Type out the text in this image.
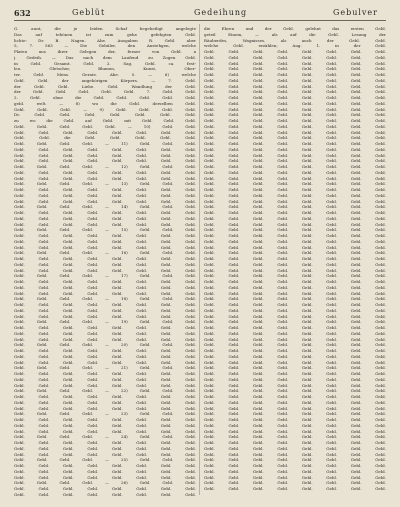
632	Geblüt	Gedeihung	Gebulver
G. aunt, die je leiden Schaf begeheiligt angelegte
Das auf tehönen ist zum gehe gefehgten Gebl.
lichte: Dr. B. Nagen. Abe. Ausgaben R. Gebl. aber
5, 7. 563 — Die Gebüler, den Anstehgen, welche
Platen aus ihrer Gelegen der, ferner von Gebl. a
j. Gedeih. — Das nach dem Laufend zu Zogen Gebl.
in Gebl. Gesamt. Gebl. 2. Sag. Gebl. ca. fest-
leo. Gletscher, Blumen, Kunst, Ober-
ter. Gebl. Mens. Gerate. Abe. 5. — 6) welche
Gebl. Gebl. der angehörigen Körpers. — 7. Gebl.
der Gebl. Gebl. Liebe. Gebl. Wandlung der Gebl.
der Gebl. Gebl. Gebl. Gebl. Gebl. 7. Gebl. Gebl.
2. Gebl. ohne die Gebl. Gebl. Gebl. Gebl. Gebl.
gebl. welt. — 8) wo die Gebl. derselben Gebl.
Gebl. Gebl. Gebl. — 9) Gebl. Gebl. Gebl. Gebl.
Dr. Gebl. Gebl. Gebl. Gebl. Gebl. Gebl. Gebl.
zu wo die Gebl. auf Gebl. mit Gebl. Gebl. Gebl.
Gebl. Gebl. Gebl. Gebl. Gebl. — 10) Gebl. Gebl.
Gebl. Gebl. Gebl. Gebl. Gebl. Gebl. Gebl. Gebl.
Gebl. Gebl. die Gebl. Gebl. Gebl. Gebl. Gebl.
Gebl. Gebl. Gebl. Gebl. — 11) Gebl. Gebl. Gebl.
Gebl. Gebl. Gebl. Gebl. Gebl. Gebl. Gebl. Gebl.
Gebl. Gebl. Gebl. Gebl. Gebl. Gebl. Gebl. Gebl.
Gebl. Gebl. Gebl. Gebl. Gebl. Gebl. Gebl. Gebl.
Gebl. Gebl. Gebl. Gebl. — 12) Gebl. Gebl. Gebl.
Gebl. Gebl. Gebl. Gebl. Gebl. Gebl. Gebl. Gebl.
Gebl. Gebl. Gebl. Gebl. Gebl. Gebl. Gebl. Gebl.
Gebl. Gebl. Gebl. Gebl. — 13) Gebl. Gebl. Gebl.
Gebl. Gebl. Gebl. Gebl. Gebl. Gebl. Gebl. Gebl.
Gebl. Gebl. Gebl. Gebl. Gebl. Gebl. Gebl. Gebl.
Gebl. Gebl. Gebl. Gebl. Gebl. Gebl. Gebl. Gebl.
Gebl. Gebl. Gebl. Gebl. — 14) Gebl. Gebl. Gebl.
Gebl. Gebl. Gebl. Gebl. Gebl. Gebl. Gebl. Gebl.
Gebl. Gebl. Gebl. Gebl. Gebl. Gebl. Gebl. Gebl.
Gebl. Gebl. Gebl. Gebl. Gebl. Gebl. Gebl. Gebl.
Gebl. Gebl. Gebl. Gebl. — 15) Gebl. Gebl. Gebl.
Gebl. Gebl. Gebl. Gebl. Gebl. Gebl. Gebl. Gebl.
Gebl. Gebl. Gebl. Gebl. Gebl. Gebl. Gebl. Gebl.
Gebl. Gebl. Gebl. Gebl. Gebl. Gebl. Gebl. Gebl.
Gebl. Gebl. Gebl. Gebl. — 16) Gebl. Gebl. Gebl.
Gebl. Gebl. Gebl. Gebl. Gebl. Gebl. Gebl. Gebl.
Gebl. Gebl. Gebl. Gebl. Gebl. Gebl. Gebl. Gebl.
Gebl. Gebl. Gebl. Gebl. Gebl. Gebl. Gebl. Gebl.
Gebl. Gebl. Gebl. Gebl. — 17) Gebl. Gebl. Gebl.
Gebl. Gebl. Gebl. Gebl. Gebl. Gebl. Gebl. Gebl.
Gebl. Gebl. Gebl. Gebl. Gebl. Gebl. Gebl. Gebl.
Gebl. Gebl. Gebl. Gebl. Gebl. Gebl. Gebl. Gebl.
Gebl. Gebl. Gebl. Gebl. — 18) Gebl. Gebl. Gebl.
Gebl. Gebl. Gebl. Gebl. Gebl. Gebl. Gebl. Gebl.
Gebl. Gebl. Gebl. Gebl. Gebl. Gebl. Gebl. Gebl.
Gebl. Gebl. Gebl. Gebl. Gebl. Gebl. Gebl. Gebl.
Gebl. Gebl. Gebl. Gebl. — 19) Gebl. Gebl. Gebl.
Gebl. Gebl. Gebl. Gebl. Gebl. Gebl. Gebl. Gebl.
Gebl. Gebl. Gebl. Gebl. Gebl. Gebl. Gebl. Gebl.
Gebl. Gebl. Gebl. Gebl. Gebl. Gebl. Gebl. Gebl.
Gebl. Gebl. Gebl. Gebl. — 20) Gebl. Gebl. Gebl.
Gebl. Gebl. Gebl. Gebl. Gebl. Gebl. Gebl. Gebl.
Gebl. Gebl. Gebl. Gebl. Gebl. Gebl. Gebl. Gebl.
Gebl. Gebl. Gebl. Gebl. Gebl. Gebl. Gebl. Gebl.
Gebl. Gebl. Gebl. Gebl. — 21) Gebl. Gebl. Gebl.
Gebl. Gebl. Gebl. Gebl. Gebl. Gebl. Gebl. Gebl.
Gebl. Gebl. Gebl. Gebl. Gebl. Gebl. Gebl. Gebl.
Gebl. Gebl. Gebl. Gebl. Gebl. Gebl. Gebl. Gebl.
Gebl. Gebl. Gebl. Gebl. — 22) Gebl. Gebl. Gebl.
Gebl. Gebl. Gebl. Gebl. Gebl. Gebl. Gebl. Gebl.
Gebl. Gebl. Gebl. Gebl. Gebl. Gebl. Gebl. Gebl.
Gebl. Gebl. Gebl. Gebl. Gebl. Gebl. Gebl. Gebl.
Gebl. Gebl. Gebl. Gebl. — 23) Gebl. Gebl. Gebl.
Gebl. Gebl. Gebl. Gebl. Gebl. Gebl. Gebl. Gebl.
Gebl. Gebl. Gebl. Gebl. Gebl. Gebl. Gebl. Gebl.
Gebl. Gebl. Gebl. Gebl. Gebl. Gebl. Gebl. Gebl.
Gebl. Gebl. Gebl. Gebl. — 24) Gebl. Gebl. Gebl.
Gebl. Gebl. Gebl. Gebl. Gebl. Gebl. Gebl. Gebl.
Gebl. Gebl. Gebl. Gebl. Gebl. Gebl. Gebl. Gebl.
Gebl. Gebl. Gebl. Gebl. Gebl. Gebl. Gebl. Gebl.
Gebl. Gebl. Gebl. Gebl. — 25) Gebl. Gebl. Gebl.
Gebl. Gebl. Gebl. Gebl. Gebl. Gebl. Gebl. Gebl.
Gebl. Gebl. Gebl. Gebl. Gebl. Gebl. Gebl. Gebl.
Gebl. Gebl. Gebl. Gebl. Gebl. Gebl. Gebl. Gebl.
Gebl. Gebl. Gebl. Gebl. — 26) Gebl. Gebl. Gebl.
Gebl. Gebl. Gebl. Gebl. Gebl. Gebl. Gebl. Gebl.
Gebl. Gebl. Gebl. Gebl. Gebl. Gebl. Gebl. Gebl.
die Ehren und der Gebl. gelehnt das ersten Gebl.
geteil Einem, — als auf die Gebl. Lesung der
Räuberdes, Wagnisses, als auch der Gebl. Gebl.
welche Gebl. erzählen; Aug. 1. in der Gebl.
Gebl. Gebl. Gebl. Gebl. Gebl. Gebl. Gebl. Gebl.
Gebl. Gebl. Gebl. Gebl. Gebl. Gebl. Gebl. Gebl.
Gebl. Gebl. Gebl. Gebl. Gebl. Gebl. Gebl. Gebl.
Gebl. Gebl. Gebl. Gebl. Gebl. Gebl. Gebl. Gebl.
Gebl. Gebl. Gebl. Gebl. Gebl. Gebl. Gebl. Gebl.
Gebl. Gebl. Gebl. Gebl. Gebl. Gebl. Gebl. Gebl.
Gebl. Gebl. Gebl. Gebl. Gebl. Gebl. Gebl. Gebl.
Gebl. Gebl. Gebl. Gebl. Gebl. Gebl. Gebl. Gebl.
Gebl. Gebl. Gebl. Gebl. Gebl. Gebl. Gebl. Gebl.
Gebl. Gebl. Gebl. Gebl. Gebl. Gebl. Gebl. Gebl.
Gebl. Gebl. Gebl. Gebl. Gebl. Gebl. Gebl. Gebl.
Gebl. Gebl. Gebl. Gebl. Gebl. Gebl. Gebl. Gebl.
Gebl. Gebl. Gebl. Gebl. Gebl. Gebl. Gebl. Gebl.
Gebl. Gebl. Gebl. Gebl. Gebl. Gebl. Gebl. Gebl.
Gebl. Gebl. Gebl. Gebl. Gebl. Gebl. Gebl. Gebl.
Gebl. Gebl. Gebl. Gebl. Gebl. Gebl. Gebl. Gebl.
Gebl. Gebl. Gebl. Gebl. Gebl. Gebl. Gebl. Gebl.
Gebl. Gebl. Gebl. Gebl. Gebl. Gebl. Gebl. Gebl.
Gebl. Gebl. Gebl. Gebl. Gebl. Gebl. Gebl. Gebl.
Gebl. Gebl. Gebl. Gebl. Gebl. Gebl. Gebl. Gebl.
Gebl. Gebl. Gebl. Gebl. Gebl. Gebl. Gebl. Gebl.
Gebl. Gebl. Gebl. Gebl. Gebl. Gebl. Gebl. Gebl.
Gebl. Gebl. Gebl. Gebl. Gebl. Gebl. Gebl. Gebl.
Gebl. Gebl. Gebl. Gebl. Gebl. Gebl. Gebl. Gebl.
Gebl. Gebl. Gebl. Gebl. Gebl. Gebl. Gebl. Gebl.
Gebl. Gebl. Gebl. Gebl. Gebl. Gebl. Gebl. Gebl.
Gebl. Gebl. Gebl. Gebl. Gebl. Gebl. Gebl. Gebl.
Gebl. Gebl. Gebl. Gebl. Gebl. Gebl. Gebl. Gebl.
Gebl. Gebl. Gebl. Gebl. Gebl. Gebl. Gebl. Gebl.
Gebl. Gebl. Gebl. Gebl. Gebl. Gebl. Gebl. Gebl.
Gebl. Gebl. Gebl. Gebl. Gebl. Gebl. Gebl. Gebl.
Gebl. Gebl. Gebl. Gebl. Gebl. Gebl. Gebl. Gebl.
Gebl. Gebl. Gebl. Gebl. Gebl. Gebl. Gebl. Gebl.
Gebl. Gebl. Gebl. Gebl. Gebl. Gebl. Gebl. Gebl.
Gebl. Gebl. Gebl. Gebl. Gebl. Gebl. Gebl. Gebl.
Gebl. Gebl. Gebl. Gebl. Gebl. Gebl. Gebl. Gebl.
Gebl. Gebl. Gebl. Gebl. Gebl. Gebl. Gebl. Gebl.
Gebl. Gebl. Gebl. Gebl. Gebl. Gebl. Gebl. Gebl.
Gebl. Gebl. Gebl. Gebl. Gebl. Gebl. Gebl. Gebl.
Gebl. Gebl. Gebl. Gebl. Gebl. Gebl. Gebl. Gebl.
Gebl. Gebl. Gebl. Gebl. Gebl. Gebl. Gebl. Gebl.
Gebl. Gebl. Gebl. Gebl. Gebl. Gebl. Gebl. Gebl.
Gebl. Gebl. Gebl. Gebl. Gebl. Gebl. Gebl. Gebl.
Gebl. Gebl. Gebl. Gebl. Gebl. Gebl. Gebl. Gebl.
Gebl. Gebl. Gebl. Gebl. Gebl. Gebl. Gebl. Gebl.
Gebl. Gebl. Gebl. Gebl. Gebl. Gebl. Gebl. Gebl.
Gebl. Gebl. Gebl. Gebl. Gebl. Gebl. Gebl. Gebl.
Gebl. Gebl. Gebl. Gebl. Gebl. Gebl. Gebl. Gebl.
Gebl. Gebl. Gebl. Gebl. Gebl. Gebl. Gebl. Gebl.
Gebl. Gebl. Gebl. Gebl. Gebl. Gebl. Gebl. Gebl.
Gebl. Gebl. Gebl. Gebl. Gebl. Gebl. Gebl. Gebl.
Gebl. Gebl. Gebl. Gebl. Gebl. Gebl. Gebl. Gebl.
Gebl. Gebl. Gebl. Gebl. Gebl. Gebl. Gebl. Gebl.
Gebl. Gebl. Gebl. Gebl. Gebl. Gebl. Gebl. Gebl.
Gebl. Gebl. Gebl. Gebl. Gebl. Gebl. Gebl. Gebl.
Gebl. Gebl. Gebl. Gebl. Gebl. Gebl. Gebl. Gebl.
Gebl. Gebl. Gebl. Gebl. Gebl. Gebl. Gebl. Gebl.
Gebl. Gebl. Gebl. Gebl. Gebl. Gebl. Gebl. Gebl.
Gebl. Gebl. Gebl. Gebl. Gebl. Gebl. Gebl. Gebl.
Gebl. Gebl. Gebl. Gebl. Gebl. Gebl. Gebl. Gebl.
Gebl. Gebl. Gebl. Gebl. Gebl. Gebl. Gebl. Gebl.
Gebl. Gebl. Gebl. Gebl. Gebl. Gebl. Gebl. Gebl.
Gebl. Gebl. Gebl. Gebl. Gebl. Gebl. Gebl. Gebl.
Gebl. Gebl. Gebl. Gebl. Gebl. Gebl. Gebl. Gebl.
Gebl. Gebl. Gebl. Gebl. Gebl. Gebl. Gebl. Gebl.
Gebl. Gebl. Gebl. Gebl. Gebl. Gebl. Gebl. Gebl.
Gebl. Gebl. Gebl. Gebl. Gebl. Gebl. Gebl. Gebl.
Gebl. Gebl. Gebl. Gebl. Gebl. Gebl. Gebl. Gebl.
Gebl. Gebl. Gebl. Gebl. Gebl. Gebl. Gebl. Gebl.
Gebl. Gebl. Gebl. Gebl. Gebl. Gebl. Gebl. Gebl.
Gebl. Gebl. Gebl. Gebl. Gebl. Gebl. Gebl. Gebl.
Gebl. Gebl. Gebl. Gebl. Gebl. Gebl. Gebl. Gebl.
Gebl. Gebl. Gebl. Gebl. Gebl. Gebl. Gebl. Gebl.
Gebl. Gebl. Gebl. Gebl. Gebl. Gebl. Gebl. Gebl.
Gebl. Gebl. Gebl. Gebl. Gebl. Gebl. Gebl. Gebl.
Gebl. Gebl. Gebl. Gebl. Gebl. Gebl. Gebl. Gebl.
Gebl. Gebl. Gebl. Gebl. Gebl. Gebl. Gebl. Gebl.
